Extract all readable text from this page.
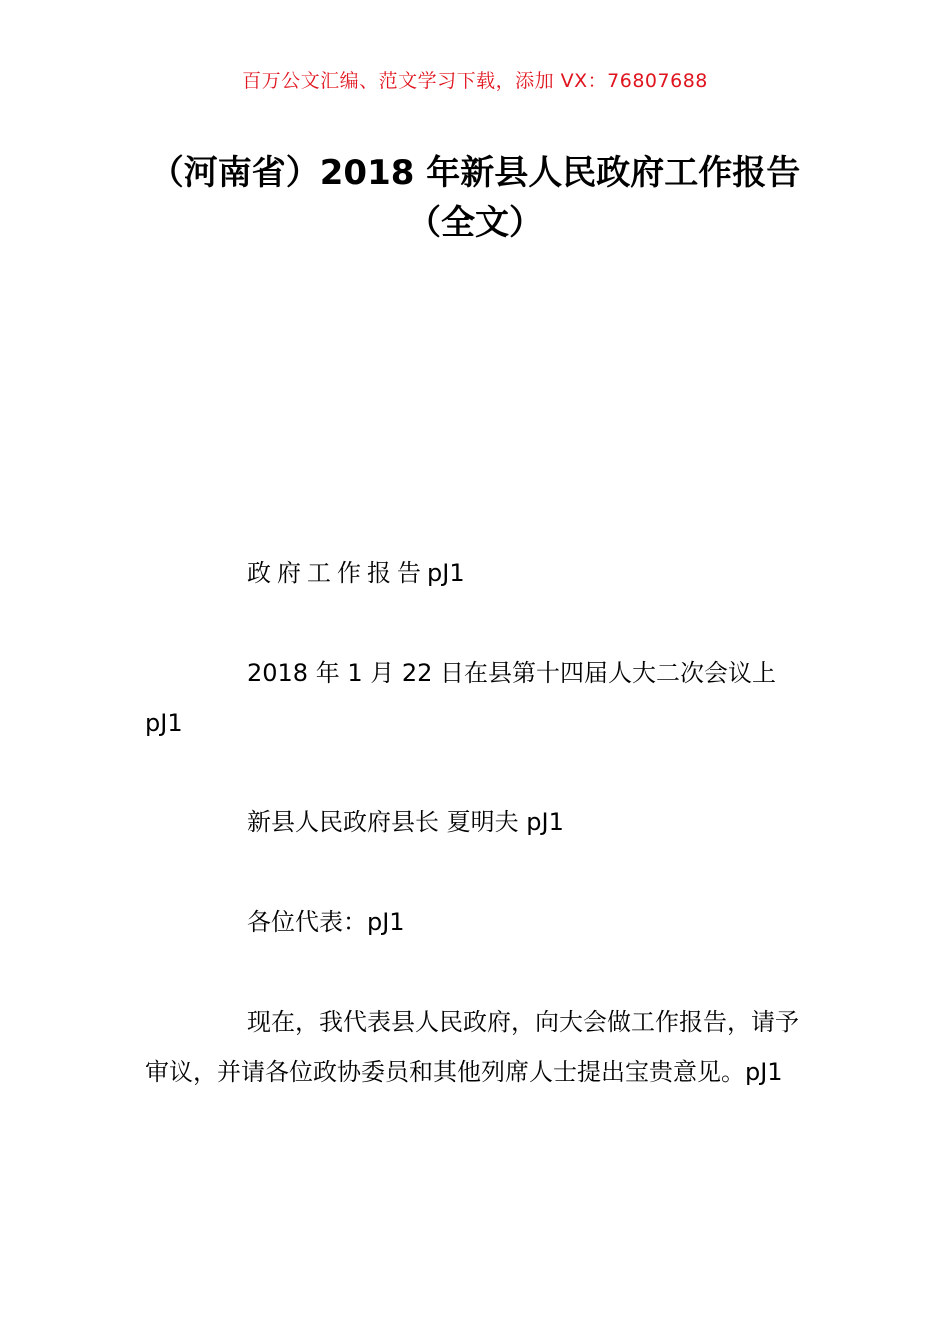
百万公文汇编、范文学习下载，添加 VX：76807688
（河南省）2018 年新县人民政府工作报告（全文）

政府工作报告pJ1

2018 年 1 月 22 日在县第十四届人大二次会议上 pJ1

新县人民政府县长 夏明夫 pJ1

各位代表：pJ1

现在，我代表县人民政府，向大会做工作报告，请予审议，并请各位政协委员和其他列席人士提出宝贵意见。pJ1
